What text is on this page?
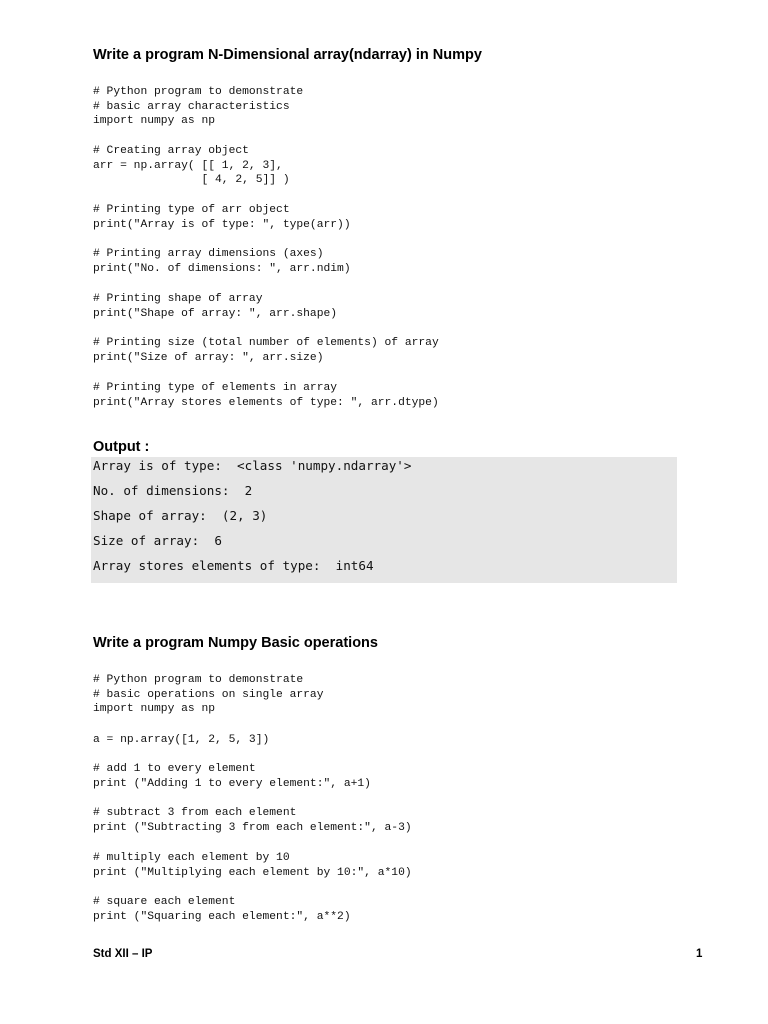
Write a program N-Dimensional array(ndarray) in Numpy
# Python program to demonstrate
# basic array characteristics
import numpy as np
# Creating array object
arr = np.array( [[ 1, 2, 3],
[ 4, 2, 5]] )
# Printing type of arr object
print("Array is of type: ", type(arr))
# Printing array dimensions (axes)
print("No. of dimensions: ", arr.ndim)
# Printing shape of array
print("Shape of array: ", arr.shape)
# Printing size (total number of elements) of array
print("Size of array: ", arr.size)
# Printing type of elements in array
print("Array stores elements of type: ", arr.dtype)
Output :
Array is of type:  <class 'numpy.ndarray'>
No. of dimensions:  2
Shape of array:  (2, 3)
Size of array:  6
Array stores elements of type:  int64
Write a program Numpy Basic operations
# Python program to demonstrate
# basic operations on single array
import numpy as np
a = np.array([1, 2, 5, 3])
# add 1 to every element
print ("Adding 1 to every element:", a+1)
# subtract 3 from each element
print ("Subtracting 3 from each element:", a-3)
# multiply each element by 10
print ("Multiplying each element by 10:", a*10)
# square each element
print ("Squaring each element:", a**2)
Std XII – IP	1
